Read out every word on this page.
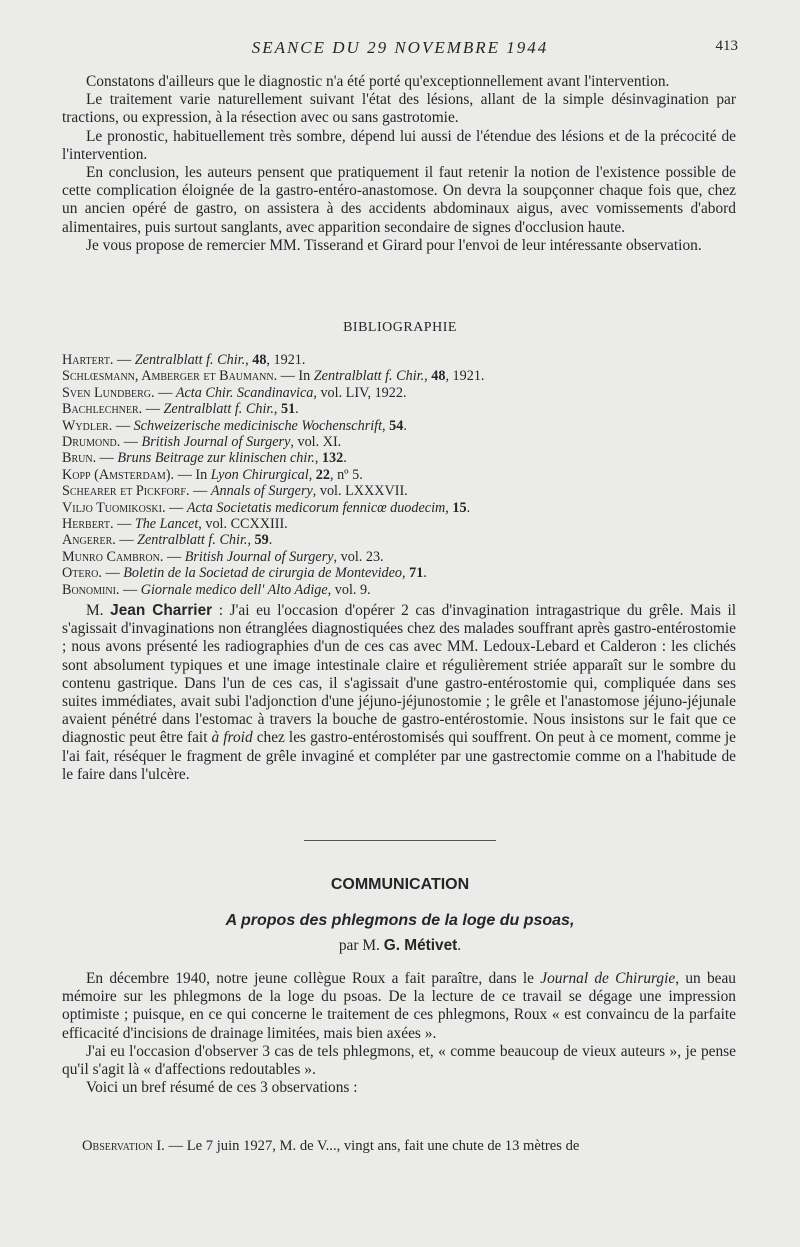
SEANCE DU 29 NOVEMBRE 1944	413

Constatons d'ailleurs que le diagnostic n'a été porté qu'exceptionnellement avant l'intervention.

Le traitement varie naturellement suivant l'état des lésions, allant de la simple désinvagination par tractions, ou expression, à la résection avec ou sans gastrotomie.

Le pronostic, habituellement très sombre, dépend lui aussi de l'étendue des lésions et de la précocité de l'intervention.

En conclusion, les auteurs pensent que pratiquement il faut retenir la notion de l'existence possible de cette complication éloignée de la gastro-entéro-anastomose. On devra la soupçonner chaque fois que, chez un ancien opéré de gastro, on assistera à des accidents abdominaux aigus, avec vomissements d'abord alimentaires, puis surtout sanglants, avec apparition secondaire de signes d'occlusion haute.

Je vous propose de remercier MM. Tisserand et Girard pour l'envoi de leur intéressante observation.

BIBLIOGRAPHIE
Hartert. — Zentralblatt f. Chir., 48, 1921.
Schlœsmann, Amberger et Baumann. — In Zentralblatt f. Chir., 48, 1921.
Sven Lundberg. — Acta Chir. Scandinavica, vol. LIV, 1922.
Bachlechner. — Zentralblatt f. Chir., 51.
Wydler. — Schweizerische medicinische Wochenschrift, 54.
Drumond. — British Journal of Surgery, vol. XI.
Brun. — Bruns Beitrage zur klinischen chir., 132.
Kopp (Amsterdam). — In Lyon Chirurgical, 22, nº 5.
Schearer et Pickforf. — Annals of Surgery, vol. LXXXVII.
Viljo Tuomikoski. — Acta Societatis medicorum fennicœ duodecim, 15.
Herbert. — The Lancet, vol. CCXXIII.
Angerer. — Zentralblatt f. Chir., 59.
Munro Cambron. — British Journal of Surgery, vol. 23.
Otero. — Boletin de la Societad de cirurgia de Montevideo, 71.
Bonomini. — Giornale medico dell' Alto Adige, vol. 9.

M. Jean Charrier : J'ai eu l'occasion d'opérer 2 cas d'invagination intragastrique du grêle. Mais il s'agissait d'invaginations non étranglées diagnostiquées chez des malades souffrant après gastro-entérostomie ; nous avons présenté les radiographies d'un de ces cas avec MM. Ledoux-Lebard et Calderon : les clichés sont absolument typiques et une image intestinale claire et régulièrement striée apparaît sur le sombre du contenu gastrique. Dans l'un de ces cas, il s'agissait d'une gastro-entérostomie qui, compliquée dans ses suites immédiates, avait subi l'adjonction d'une jéjuno-jéjunostomie ; le grêle et l'anastomose jéjuno-jéjunale avaient pénétré dans l'estomac à travers la bouche de gastro-entérostomie. Nous insistons sur le fait que ce diagnostic peut être fait à froid chez les gastro-entérostomisés qui souffrent. On peut à ce moment, comme je l'ai fait, réséquer le fragment de grêle invaginé et compléter par une gastrectomie comme on a l'habitude de le faire dans l'ulcère.

COMMUNICATION
A propos des phlegmons de la loge du psoas,
par M. G. Métivet.

En décembre 1940, notre jeune collègue Roux a fait paraître, dans le Journal de Chirurgie, un beau mémoire sur les phlegmons de la loge du psoas. De la lecture de ce travail se dégage une impression optimiste ; puisque, en ce qui concerne le traitement de ces phlegmons, Roux « est convaincu de la parfaite efficacité d'incisions de drainage limitées, mais bien axées ».

J'ai eu l'occasion d'observer 3 cas de tels phlegmons, et, « comme beaucoup de vieux auteurs », je pense qu'il s'agit là « d'affections redoutables ».

Voici un bref résumé de ces 3 observations :

Observation I. — Le 7 juin 1927, M. de V..., vingt ans, fait une chute de 13 mètres de
